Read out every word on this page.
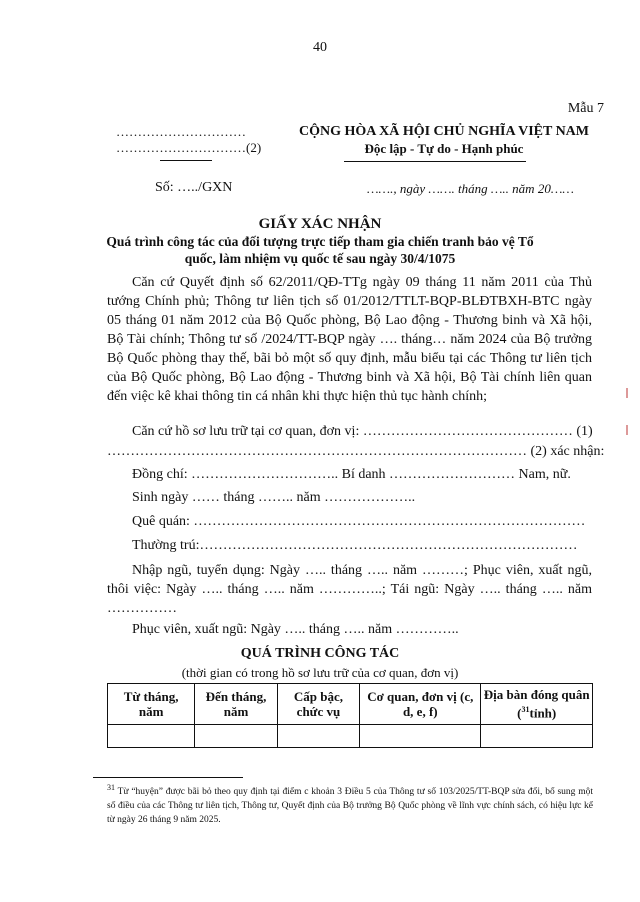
40
Mẫu 7
…………………………
…………………………(2)
CỘNG HÒA XÃ HỘI CHỦ NGHĨA VIỆT NAM
Độc lập - Tự do - Hạnh phúc
Số: …../GXN	……., ngày ……. tháng ….. năm 20……
GIẤY XÁC NHẬN
Quá trình công tác của đối tượng trực tiếp tham gia chiến tranh bảo vệ Tổ quốc, làm nhiệm vụ quốc tế sau ngày 30/4/1075
Căn cứ Quyết định số 62/2011/QĐ-TTg ngày 09 tháng 11 năm 2011 của Thủ tướng Chính phủ; Thông tư liên tịch số 01/2012/TTLT-BQP-BLĐTBXH-BTC ngày 05 tháng 01 năm 2012 của Bộ Quốc phòng, Bộ Lao động - Thương binh và Xã hội, Bộ Tài chính; Thông tư số /2024/TT-BQP ngày …. tháng… năm 2024 của Bộ trưởng Bộ Quốc phòng thay thế, bãi bỏ một số quy định, mẫu biểu tại các Thông tư liên tịch của Bộ Quốc phòng, Bộ Lao động - Thương binh và Xã hội, Bộ Tài chính liên quan đến việc kê khai thông tin cá nhân khi thực hiện thủ tục hành chính;
Căn cứ hồ sơ lưu trữ tại cơ quan, đơn vị: ……………………………………… (1)
……………………………………………………………………………… (2) xác nhận:
Đồng chí: ………………………….. Bí danh ……………………… Nam, nữ.
Sinh ngày …… tháng …….. năm ………………..
Quê quán: …………………………………………………………………………
Thường trú:………………………………………………………………………
Nhập ngũ, tuyển dụng: Ngày ….. tháng ….. năm ………; Phục viên, xuất ngũ, thôi việc: Ngày ….. tháng ….. năm …………..; Tái ngũ: Ngày ….. tháng ….. năm ……………
Phục viên, xuất ngũ: Ngày ….. tháng ….. năm …………..
QUÁ TRÌNH CÔNG TÁC
(thời gian có trong hồ sơ lưu trữ của cơ quan, đơn vị)
Từ tháng, năm	Đến tháng, năm	Cấp bậc, chức vụ	Cơ quan, đơn vị (c, d, e, f)	Địa bàn đóng quân
($^{31}$tỉnh)

$^{31}$ Từ “huyện” được bãi bỏ theo quy định tại điểm c khoản 3 Điều 5 của Thông tư số 103/2025/TT-BQP sửa đổi, bổ sung một số điều của các Thông tư liên tịch, Thông tư, Quyết định của Bộ trưởng Bộ Quốc phòng về lĩnh vực chính sách, có hiệu lực kể từ ngày 26 tháng 9 năm 2025.
